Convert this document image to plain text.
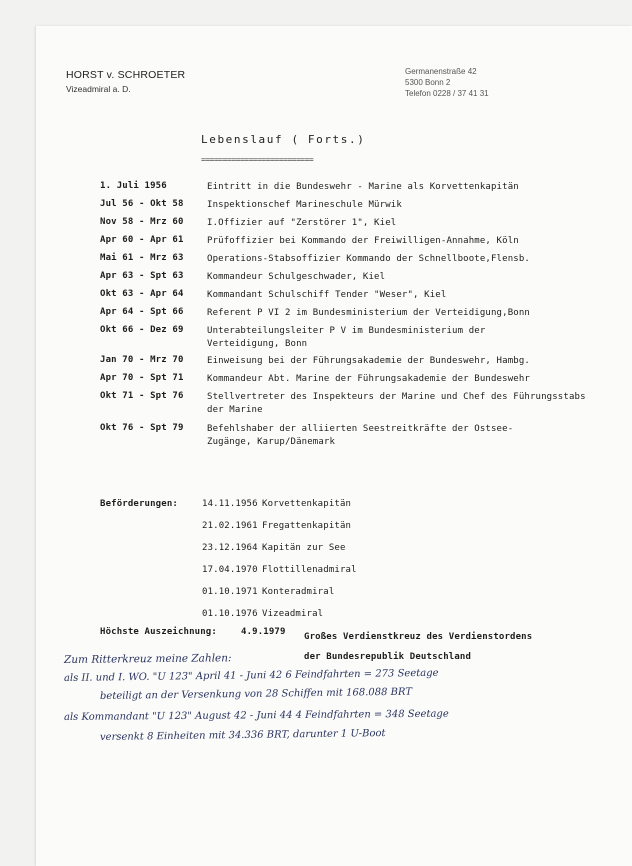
HORST v. SCHROETER
Vizeadmiral a. D.
Germanenstraße 42
5300 Bonn 2
Telefon 0228 / 37 41 31
Lebenslauf ( Forts.)
==========================
1. Juli 1956	Eintritt in die Bundeswehr - Marine als Korvettenkapitän
Jul 56 - Okt 58	Inspektionschef Marineschule Mürwik
Nov 58 - Mrz 60	I.Offizier auf "Zerstörer 1", Kiel
Apr 60 - Apr 61	Prüfoffizier bei Kommando der Freiwilligen-Annahme, Köln
Mai 61 - Mrz 63	Operations-Stabsoffizier Kommando der Schnellboote,Flensb.
Apr 63 - Spt 63	Kommandeur Schulgeschwader, Kiel
Okt 63 - Apr 64	Kommandant Schulschiff Tender "Weser", Kiel
Apr 64 - Spt 66	Referent P VI 2 im Bundesministerium der Verteidigung,Bonn
Okt 66 - Dez 69	Unterabteilungsleiter P V im Bundesministerium der Verteidigung, Bonn
Jan 70 - Mrz 70	Einweisung bei der Führungsakademie der Bundeswehr, Hambg.
Apr 70 - Spt 71	Kommandeur Abt. Marine der Führungsakademie der Bundeswehr
Okt 71 - Spt 76	Stellvertreter des Inspekteurs der Marine und Chef des Führungsstabs der Marine
Okt 76 - Spt 79	Befehlshaber der alliierten Seestreitkräfte der Ostsee-Zugänge, Karup/Dänemark
Beförderungen:	14.11.1956 Korvettenkapitän
21.02.1961 Fregattenkapitän
23.12.1964 Kapitän zur See
17.04.1970 Flottillenadmiral
01.10.1971 Konteradmiral
01.10.1976 Vizeadmiral
Höchste Auszeichnung:	4.9.1979 Großes Verdienstkreuz des Verdienstordens
der Bundesrepublik Deutschland
Zum Ritterkreuz meine Zahlen:
als II. und I. WO. "U 123" April 41 - Juni 42 6 Feindfahrten = 273 Seetage
beteiligt an der Versenkung von 28 Schiffen mit 168.088 BRT
als Kommandant "U 123" August 42 - Juni 44 4 Feindfahrten = 348 Seetage
versenkt 8 Einheiten mit 34.336 BRT, darunter 1 U-Boot
